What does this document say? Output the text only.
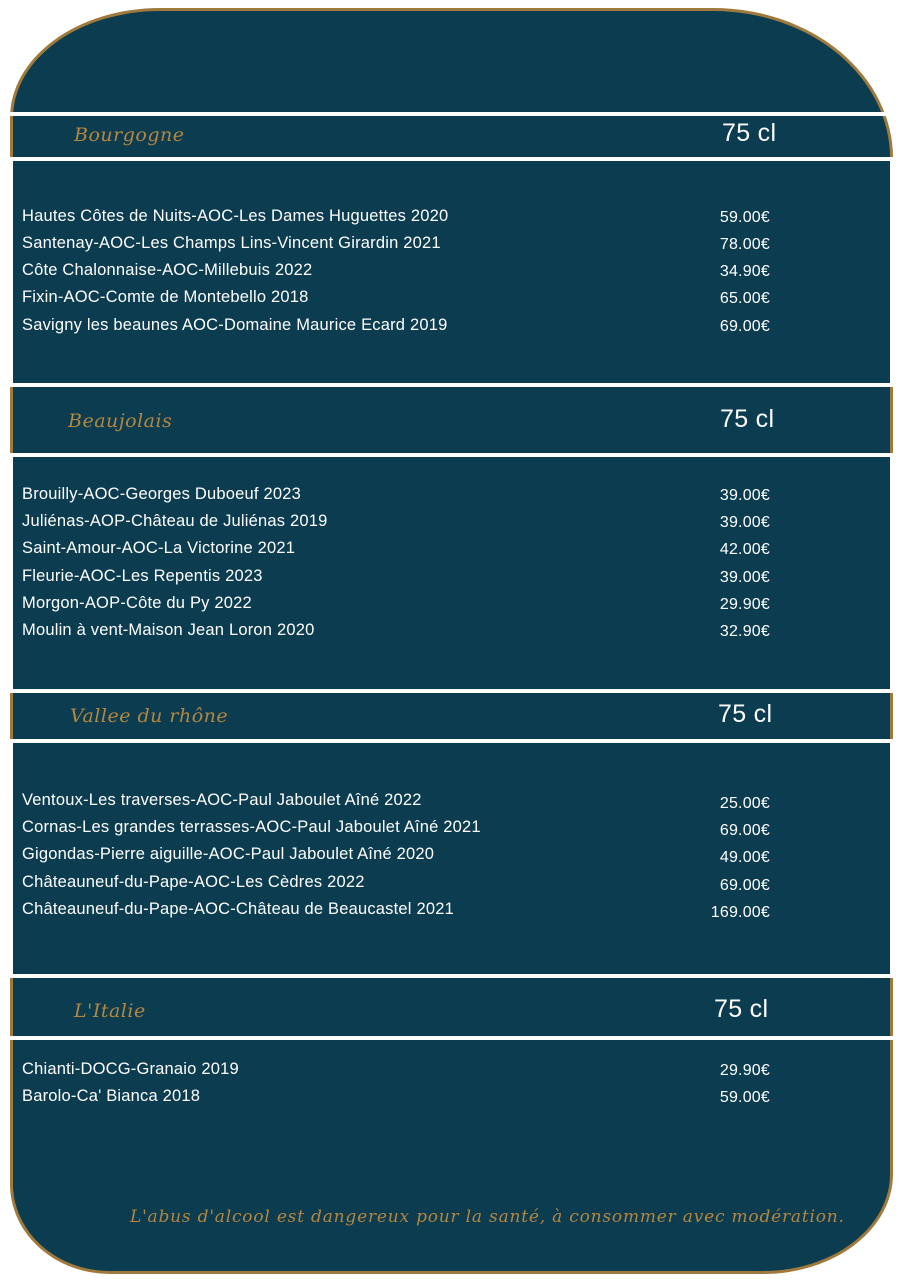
Bourgogne	75 cl
Hautes Côtes de Nuits-AOC-Les Dames Huguettes 2020	59.00€
Santenay-AOC-Les Champs Lins-Vincent Girardin 2021	78.00€
Côte Chalonnaise-AOC-Millebuis 2022	34.90€
Fixin-AOC-Comte de Montebello 2018	65.00€
Savigny les beaunes AOC-Domaine Maurice Ecard 2019	69.00€
Beaujolais	75 cl
Brouilly-AOC-Georges Duboeuf 2023	39.00€
Juliénas-AOP-Château de Juliénas 2019	39.00€
Saint-Amour-AOC-La Victorine 2021	42.00€
Fleurie-AOC-Les Repentis 2023	39.00€
Morgon-AOP-Côte du Py 2022	29.90€
Moulin à vent-Maison Jean Loron 2020	32.90€
Vallee du rhône	75 cl
Ventoux-Les traverses-AOC-Paul Jaboulet Aîné 2022	25.00€
Cornas-Les grandes terrasses-AOC-Paul Jaboulet Aîné 2021	69.00€
Gigondas-Pierre aiguille-AOC-Paul Jaboulet Aîné 2020	49.00€
Châteauneuf-du-Pape-AOC-Les Cèdres 2022	69.00€
Châteauneuf-du-Pape-AOC-Château de Beaucastel 2021	169.00€
L'Italie	75 cl
Chianti-DOCG-Granaio 2019	29.90€
Barolo-Ca' Bianca 2018	59.00€
L'abus d'alcool est dangereux pour la santé, à consommer avec modération.
